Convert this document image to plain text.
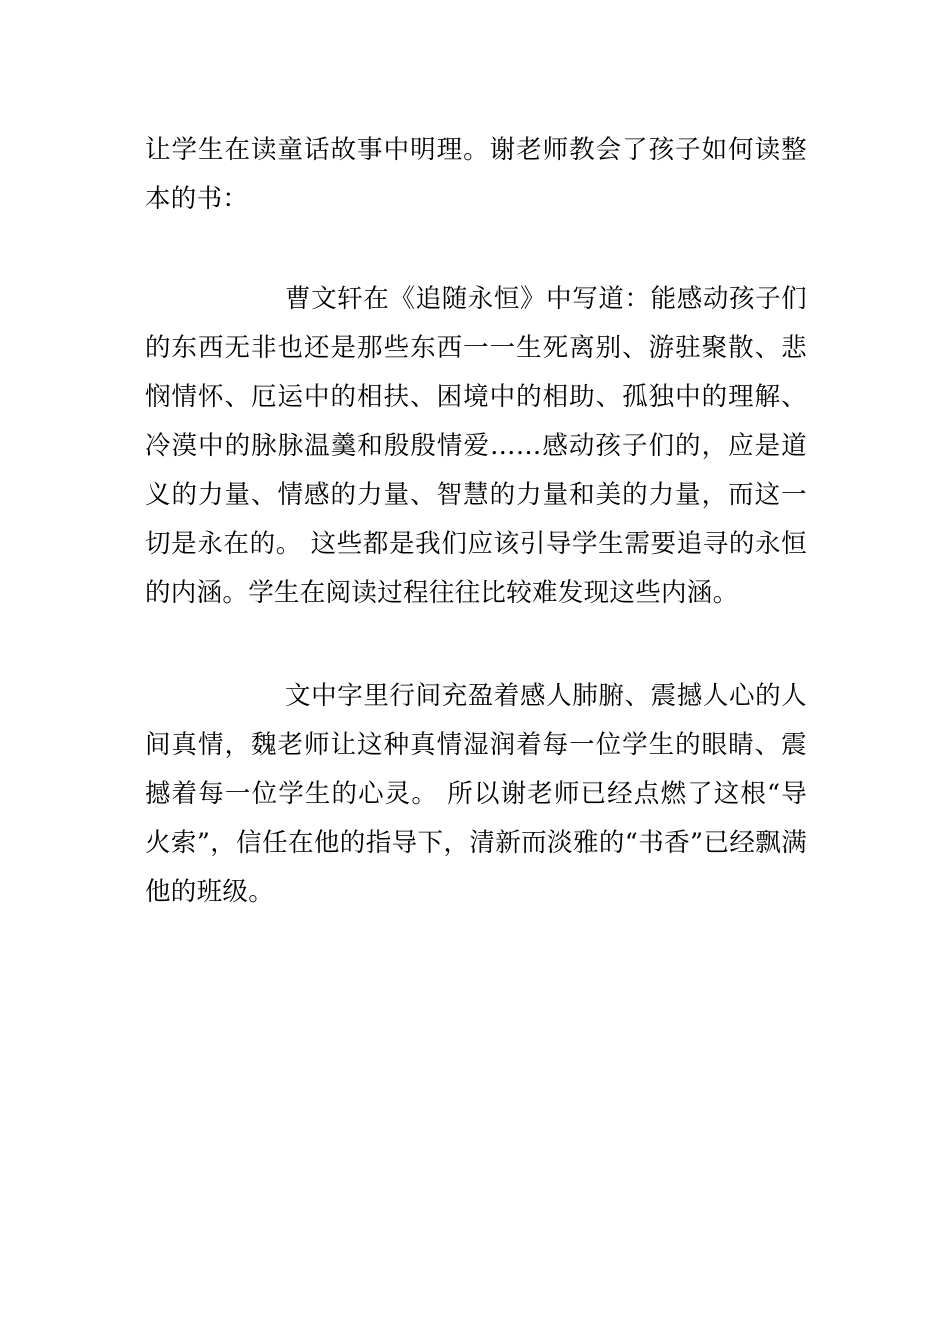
让学生在读童话故事中明理。谢老师教会了孩子如何读整本的书：

曹文轩在《追随永恒》中写道：能感动孩子们的东西无非也还是那些东西一一生死离别、游驻聚散、悲悯情怀、厄运中的相扶、困境中的相助、孤独中的理解、冷漠中的脉脉温羹和殷殷情爱……感动孩子们的，应是道义的力量、情感的力量、智慧的力量和美的力量，而这一切是永在的。 这些都是我们应该引导学生需要追寻的永恒的内涵。学生在阅读过程往往比较难发现这些内涵。

文中字里行间充盈着感人肺腑、震撼人心的人间真情，魏老师让这种真情湿润着每一位学生的眼睛、震撼着每一位学生的心灵。 所以谢老师已经点燃了这根“导火索”，信任在他的指导下，清新而淡雅的“书香”已经飘满他的班级。
